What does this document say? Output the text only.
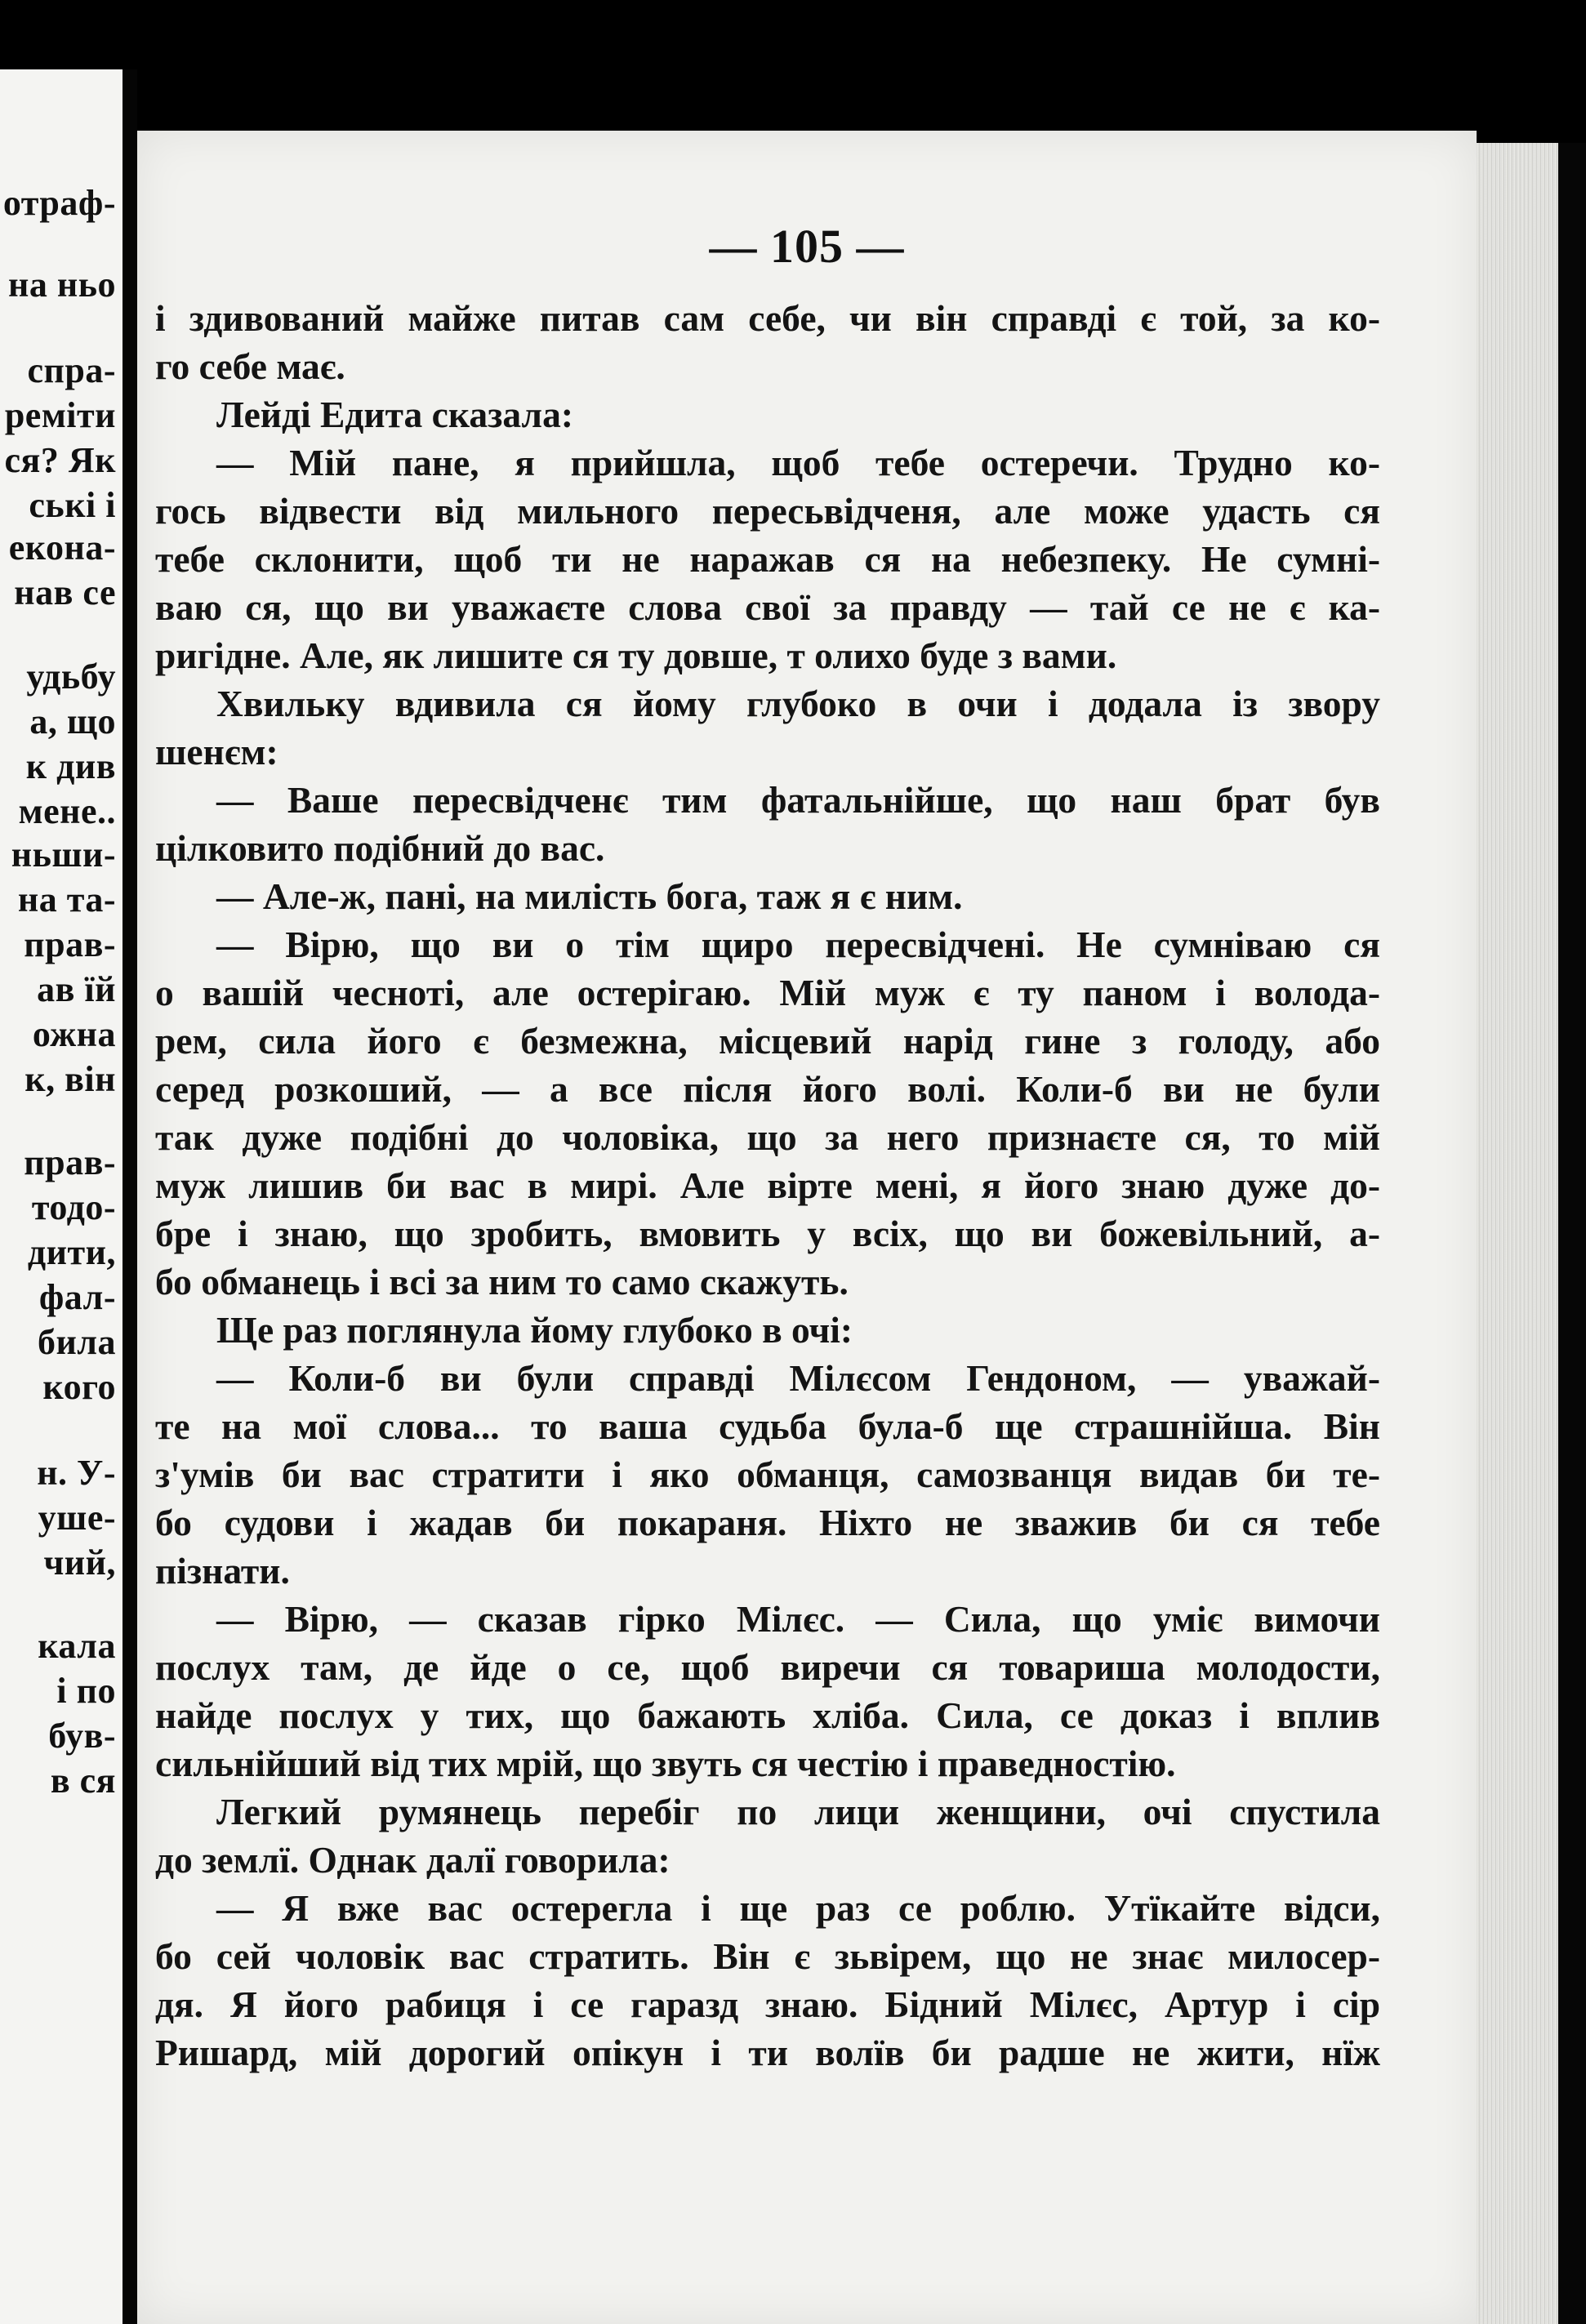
отраф-
на ньо
спра-
реміти
ся? Як
ські і
екона-
нав се
удьбу
а, що
к див
мене..
ньши-
на та-
прав-
ав їй
ожна
к, він
прав-
тодо-
дити,
фал-
била
кого
н. У-
уше-
чий,
кала
і по
був-
в ся
— 105 —
і здивований майже питав сам себе, чи він справді є той, за ко-
го себе має.
Лейді Едита сказала:
— Мій пане, я прийшла, щоб тебе остеречи. Трудно ко-
гось відвести від мильного пересьвідченя, але може удасть ся
тебе склонити, щоб ти не наражав ся на небезпеку. Не сумні-
ваю ся, що ви уважаєте слова свої за правду — тай се не є ка-
ригідне. Але, як лишите ся ту довше, т олихо буде з вами.
Хвильку вдивила ся йому глубоко в очи і додала із звору
шенєм:
— Ваше пересвідченє тим фатальнійше, що наш брат був
цілковито подібний до вас.
— Але-ж, пані, на милість бога, таж я є ним.
— Вірю, що ви о тім щиро пересвідчені. Не сумніваю ся
о вашій чесноті, але остерігаю. Мій муж є ту паном і волода-
рем, сила його є безмежна, місцевий нарід гине з голоду, або
серед розкоший, — а все після його волі. Коли-б ви не були
так дуже подібні до чоловіка, що за него признаєте ся, то мій
муж лишив би вас в мирі. Але вірте мені, я його знаю дуже до-
бре і знаю, що зробить, вмовить у всіх, що ви божевільний, а-
бо обманець і всі за ним то само скажуть.
Ще раз поглянула йому глубоко в очі:
— Коли-б ви були справді Мілєсом Гендоном, — уважай-
те на мої слова... то ваша судьба була-б ще страшнійша. Він
з'умів би вас стратити і яко обманця, самозванця видав би те-
бо судови і жадав би покараня. Ніхто не зважив би ся тебе
пізнати.
— Вірю, — сказав гірко Мілєс. — Сила, що уміє вимочи
послух там, де йде о се, щоб виречи ся товариша молодости,
найде послух у тих, що бажають хліба. Сила, се доказ і вплив
сильнійший від тих мрій, що звуть ся честію і праведностію.
Легкий румянець перебіг по лици женщини, очі спустила
до землї. Однак далї говорила:
— Я вже вас остерегла і ще раз се роблю. Утїкайте відси,
бо сей чоловік вас стратить. Він є зьвірем, що не знає милосер-
дя. Я його рабиця і се гаразд знаю. Бідний Мілєс, Артур і сір
Ришард, мій дорогий опікун і ти волїв би радше не жити, нїж
